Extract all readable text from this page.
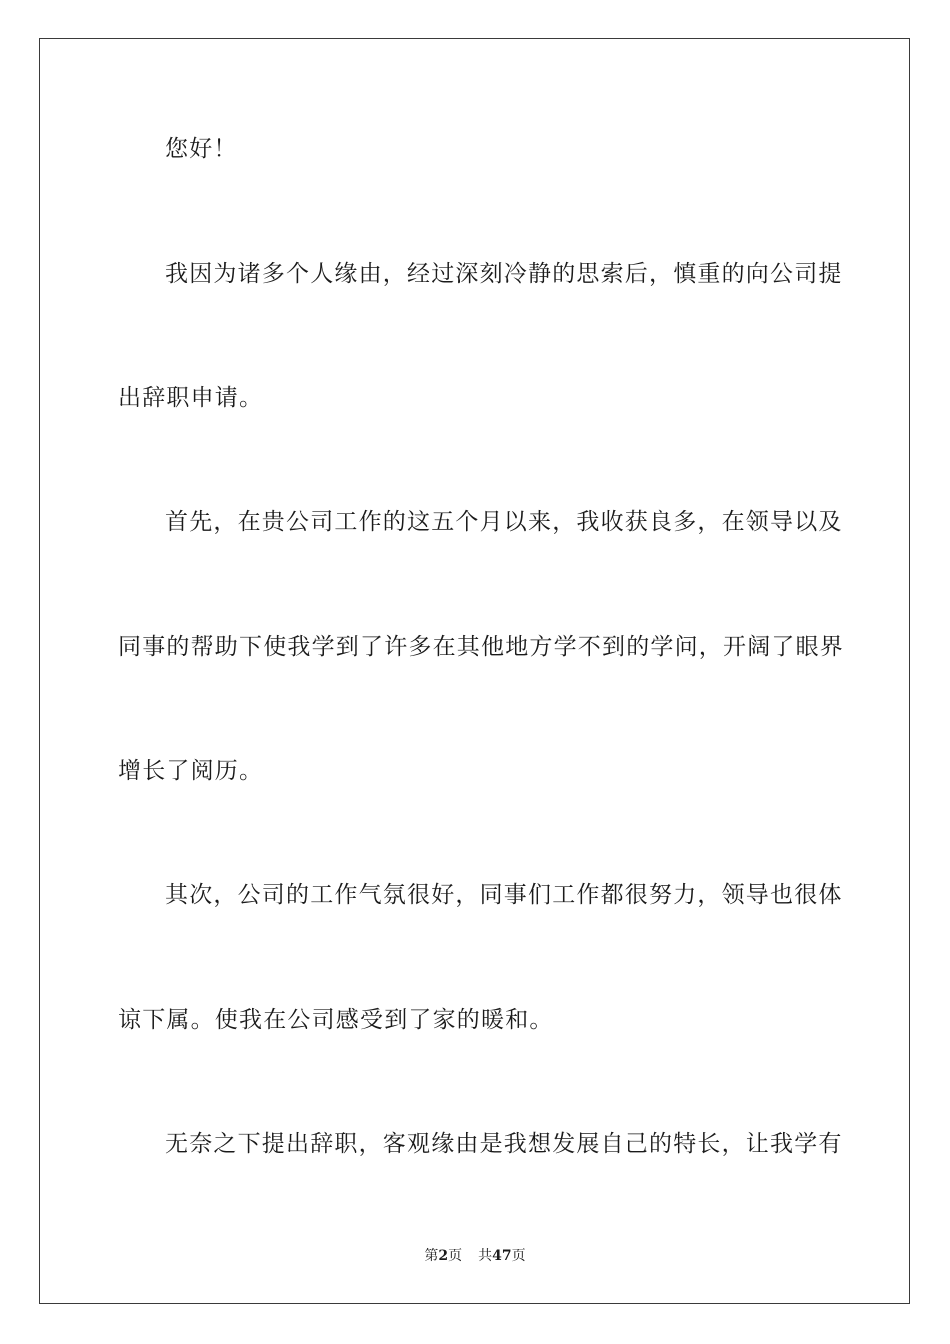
您好！
我因为诸多个人缘由，经过深刻冷静的思索后，慎重的向公司提
出辞职申请。
首先，在贵公司工作的这五个月以来，我收获良多，在领导以及
同事的帮助下使我学到了许多在其他地方学不到的学问，开阔了眼界
增长了阅历。
其次，公司的工作气氛很好，同事们工作都很努力，领导也很体
谅下属。使我在公司感受到了家的暖和。
无奈之下提出辞职，客观缘由是我想发展自己的特长，让我学有
第2页 共47页
